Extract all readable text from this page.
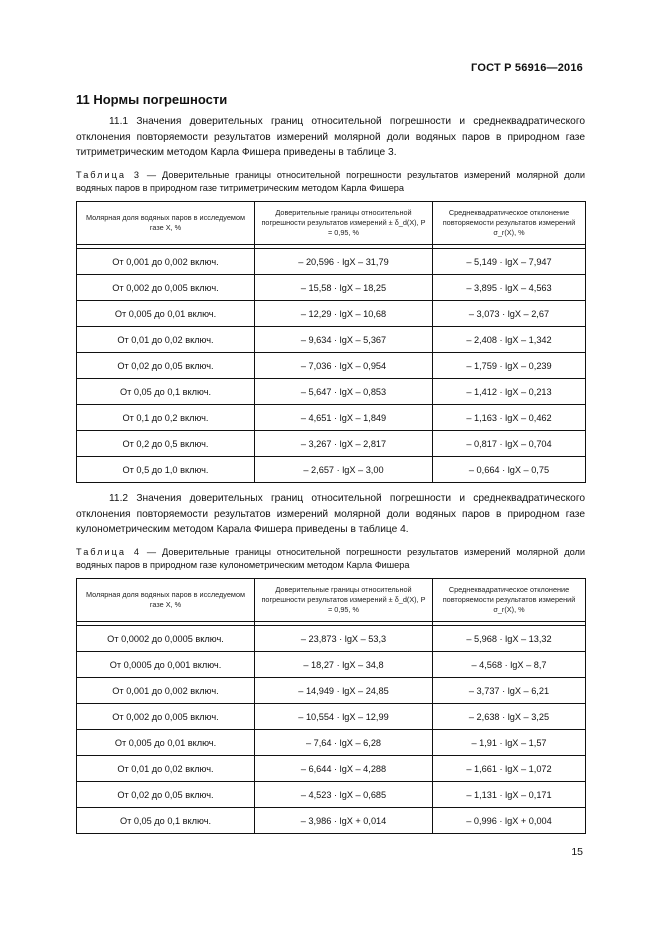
ГОСТ Р 56916—2016
11 Нормы погрешности

11.1 Значения доверительных границ относительной погрешности и среднеквадратического отклонения повторяемости результатов измерений молярной доли водяных паров в природном газе титриметрическим методом Карла Фишера приведены в таблице 3.

Таблица 3 — Доверительные границы относительной погрешности результатов измерений молярной доли водяных паров в природном газе титриметрическим методом Карла Фишера

Молярная доля водяных паров в исследуемом газе X, %	Доверительные границы относительной погрешности результатов измерений ± δ_d(X), P = 0,95, %	Среднеквадратическое отклонение повторяемости результатов измерений σ_r(X), %

От 0,001 до 0,002 включ.	– 20,596 · lgX – 31,79	– 5,149 · lgX – 7,947
От 0,002 до 0,005 включ.	– 15,58 · lgX – 18,25	– 3,895 · lgX – 4,563
От 0,005 до 0,01 включ.	– 12,29 · lgX – 10,68	– 3,073 · lgX – 2,67
От 0,01 до 0,02 включ.	– 9,634 · lgX – 5,367	– 2,408 · lgX – 1,342
От 0,02 до 0,05 включ.	– 7,036 · lgX – 0,954	– 1,759 · lgX – 0,239
От 0,05 до 0,1 включ.	– 5,647 · lgX – 0,853	– 1,412 · lgX – 0,213
От 0,1 до 0,2 включ.	– 4,651 · lgX – 1,849	– 1,163 · lgX – 0,462
От 0,2 до 0,5 включ.	– 3,267 · lgX – 2,817	– 0,817 · lgX – 0,704
От 0,5 до 1,0 включ.	– 2,657 · lgX – 3,00	– 0,664 · lgX – 0,75

11.2 Значения доверительных границ относительной погрешности и среднеквадратического отклонения повторяемости результатов измерений молярной доли водяных паров в природном газе кулонометрическим методом Карала Фишера приведены в таблице 4.

Таблица 4 — Доверительные границы относительной погрешности результатов измерений молярной доли водяных паров в природном газе кулонометрическим методом Карла Фишера

Молярная доля водяных паров в исследуемом газе X, %	Доверительные границы относительной погрешности результатов измерений ± δ_d(X), P = 0,95, %	Среднеквадратическое отклонение повторяемости результатов измерений σ_r(X), %

От 0,0002 до 0,0005 включ.	– 23,873 · lgX – 53,3	– 5,968 · lgX – 13,32
От 0,0005 до 0,001 включ.	– 18,27 · lgX – 34,8	– 4,568 · lgX – 8,7
От 0,001 до 0,002 включ.	– 14,949 · lgX – 24,85	– 3,737 · lgX – 6,21
От 0,002 до 0,005 включ.	– 10,554 · lgX – 12,99	– 2,638 · lgX – 3,25
От 0,005 до 0,01 включ.	– 7,64 · lgX – 6,28	– 1,91 · lgX – 1,57
От 0,01 до 0,02 включ.	– 6,644 · lgX – 4,288	– 1,661 · lgX – 1,072
От 0,02 до 0,05 включ.	– 4,523 · lgX – 0,685	– 1,131 · lgX – 0,171
От 0,05 до 0,1 включ.	– 3,986 · lgX + 0,014	– 0,996 · lgX + 0,004
15
